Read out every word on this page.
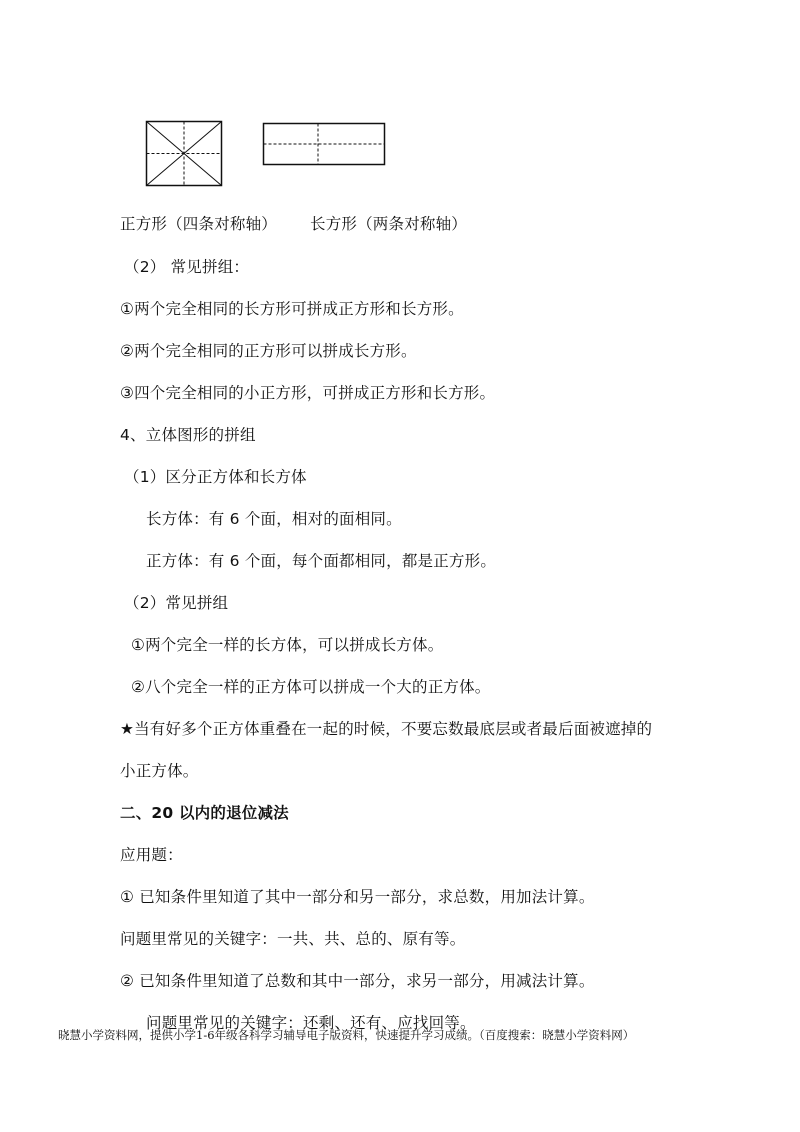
正方形（四条对称轴） 长方形（两条对称轴）
（2） 常见拼组：
①两个完全相同的长方形可拼成正方形和长方形。
②两个完全相同的正方形可以拼成长方形。
③四个完全相同的小正方形，可拼成正方形和长方形。
4、立体图形的拼组
（1）区分正方体和长方体
长方体：有 6 个面，相对的面相同。
正方体：有 6 个面，每个面都相同，都是正方形。
（2）常见拼组
①两个完全一样的长方体，可以拼成长方体。
②八个完全一样的正方体可以拼成一个大的正方体。
★当有好多个正方体重叠在一起的时候，不要忘数最底层或者最后面被遮掉的
小正方体。
二、20 以内的退位减法
应用题：
① 已知条件里知道了其中一部分和另一部分，求总数，用加法计算。
问题里常见的关键字：一共、共、总的、原有等。
② 已知条件里知道了总数和其中一部分，求另一部分，用减法计算。
问题里常见的关键字：还剩、还有、应找回等。
晓慧小学资料网，提供小学1-6年级各科学习辅导电子版资料，快速提升学习成绩。（百度搜索：晓慧小学资料网）
